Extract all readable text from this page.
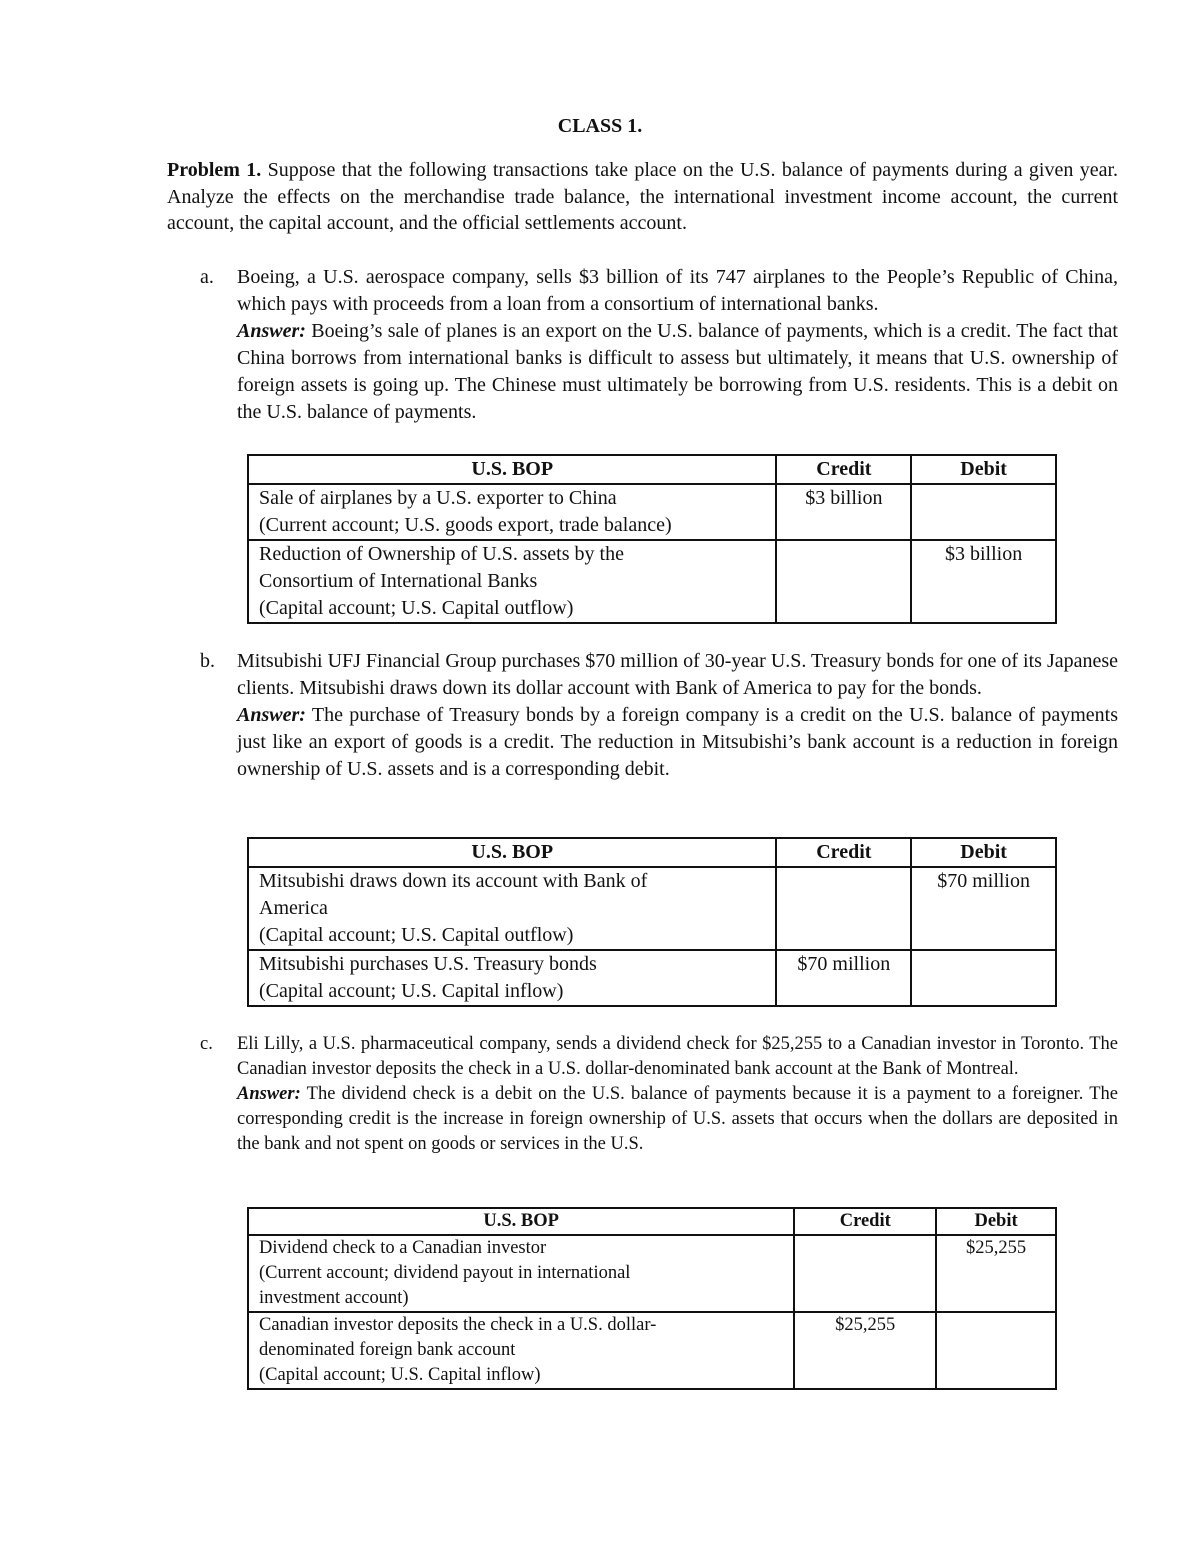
CLASS 1.
Problem 1. Suppose that the following transactions take place on the U.S. balance of payments during a given year. Analyze the effects on the merchandise trade balance, the international investment income account, the current account, the capital account, and the official settlements account.
a. Boeing, a U.S. aerospace company, sells $3 billion of its 747 airplanes to the People’s Republic of China, which pays with proceeds from a loan from a consortium of international banks.
Answer: Boeing’s sale of planes is an export on the U.S. balance of payments, which is a credit. The fact that China borrows from international banks is difficult to assess but ultimately, it means that U.S. ownership of foreign assets is going up. The Chinese must ultimately be borrowing from U.S. residents. This is a debit on the U.S. balance of payments.
U.S. BOP	Credit	Debit
Sale of airplanes by a U.S. exporter to China
(Current account; U.S. goods export, trade balance)	$3 billion	
Reduction of Ownership of U.S. assets by the
Consortium of International Banks
(Capital account; U.S. Capital outflow)		$3 billion
b. Mitsubishi UFJ Financial Group purchases $70 million of 30-year U.S. Treasury bonds for one of its Japanese clients. Mitsubishi draws down its dollar account with Bank of America to pay for the bonds.
Answer: The purchase of Treasury bonds by a foreign company is a credit on the U.S. balance of payments just like an export of goods is a credit. The reduction in Mitsubishi’s bank account is a reduction in foreign ownership of U.S. assets and is a corresponding debit.
U.S. BOP	Credit	Debit
Mitsubishi draws down its account with Bank of
America
(Capital account; U.S. Capital outflow)		$70 million
Mitsubishi purchases U.S. Treasury bonds
(Capital account; U.S. Capital inflow)	$70 million	
c. Eli Lilly, a U.S. pharmaceutical company, sends a dividend check for $25,255 to a Canadian investor in Toronto. The Canadian investor deposits the check in a U.S. dollar-denominated bank account at the Bank of Montreal.
Answer: The dividend check is a debit on the U.S. balance of payments because it is a payment to a foreigner. The corresponding credit is the increase in foreign ownership of U.S. assets that occurs when the dollars are deposited in the bank and not spent on goods or services in the U.S.
U.S. BOP	Credit	Debit
Dividend check to a Canadian investor
(Current account; dividend payout in international
investment account)		$25,255
Canadian investor deposits the check in a U.S. dollar-
denominated foreign bank account
(Capital account; U.S. Capital inflow)	$25,255	
